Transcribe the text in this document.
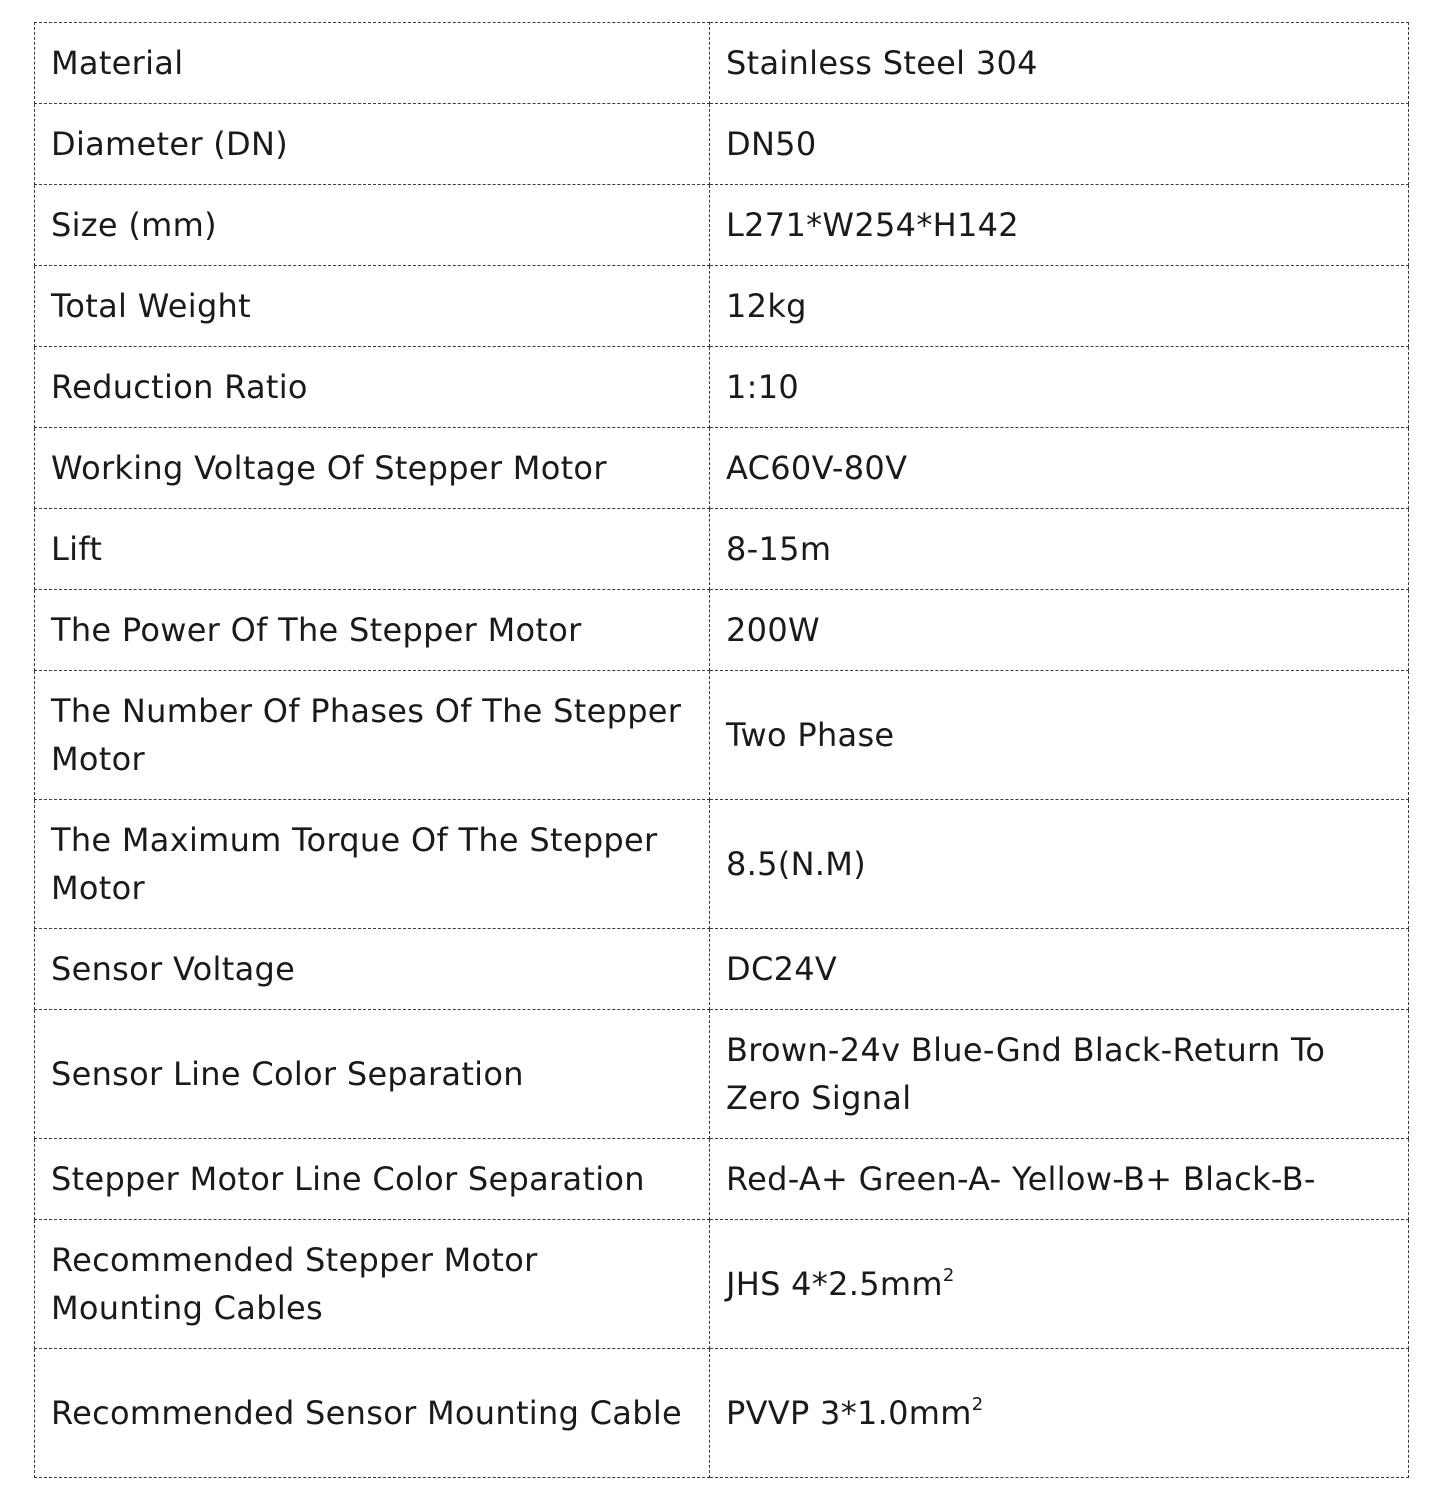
Material	Stainless Steel 304
Diameter (DN)	DN50
Size (mm)	L271*W254*H142
Total Weight	12kg
Reduction Ratio	1:10
Working Voltage Of Stepper Motor	AC60V-80V
Lift	8-15m
The Power Of The Stepper Motor	200W
The Number Of Phases Of The Stepper Motor	Two Phase
The Maximum Torque Of The Stepper Motor	8.5(N.M)
Sensor Voltage	DC24V
Sensor Line Color Separation	Brown-24v Blue-Gnd Black-Return To Zero Signal
Stepper Motor Line Color Separation	Red-A+ Green-A- Yellow-B+ Black-B-
Recommended Stepper Motor Mounting Cables	JHS $4*2.5mm^2$
Recommended Sensor Mounting Cable	PVVP $3*1.0mm^2$
